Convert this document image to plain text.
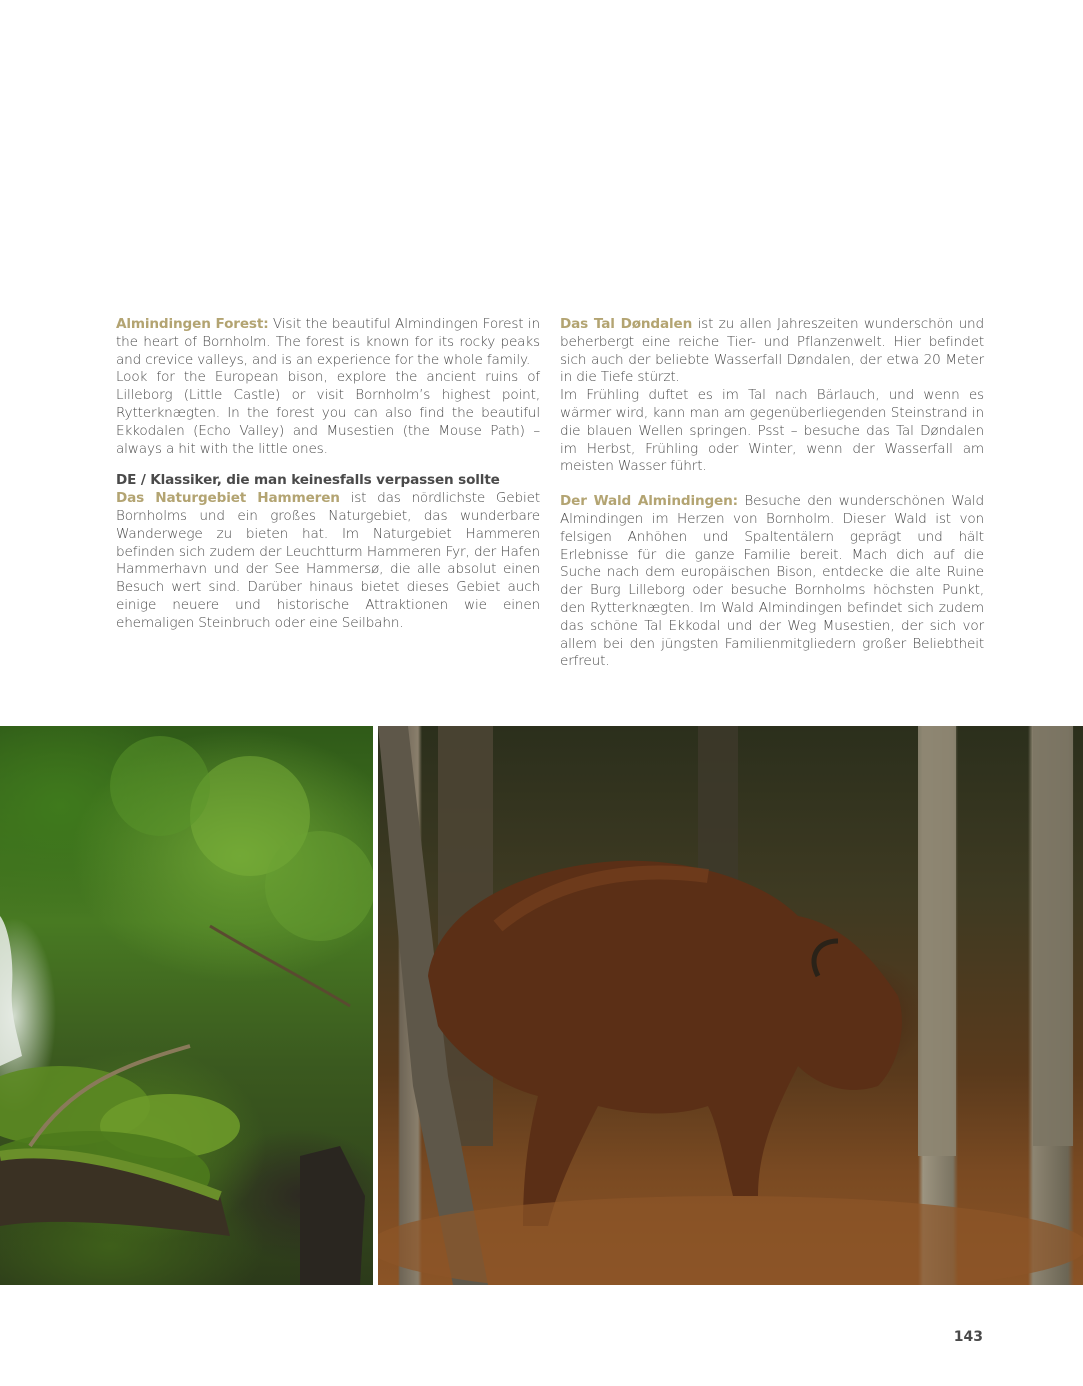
Almindingen Forest: Visit the beautiful Almindingen Forest in the heart of Bornholm. The forest is known for its rocky peaks and crevice valleys, and is an experience for the whole family.

Look for the European bison, explore the ancient ruins of Lilleborg (Little Castle) or visit Bornholm’s highest point, Rytterknægten. In the forest you can also find the beautiful Ekkodalen (Echo Valley) and Musestien (the Mouse Path) – always a hit with the little ones.

DE / Klassiker, die man keinesfalls verpassen sollte

Das Naturgebiet Hammeren ist das nördlichste Gebiet Bornholms und ein großes Naturgebiet, das wunderbare Wanderwege zu bieten hat. Im Naturgebiet Hammeren befinden sich zudem der Leuchtturm Hammeren Fyr, der Hafen Hammerhavn und der See Hammersø, die alle absolut einen Besuch wert sind. Darüber hinaus bietet dieses Gebiet auch einige neuere und historische Attraktionen wie einen ehemaligen Steinbruch oder eine Seilbahn.

Das Tal Døndalen ist zu allen Jahreszeiten wunderschön und beherbergt eine reiche Tier- und Pflanzenwelt. Hier befindet sich auch der beliebte Wasserfall Døndalen, der etwa 20 Meter in die Tiefe stürzt.

Im Frühling duftet es im Tal nach Bärlauch, und wenn es wärmer wird, kann man am gegenüberliegenden Steinstrand in die blauen Wellen springen. Psst – besuche das Tal Døndalen im Herbst, Frühling oder Winter, wenn der Wasserfall am meisten Wasser führt.

Der Wald Almindingen: Besuche den wunderschönen Wald Almindingen im Herzen von Bornholm. Dieser Wald ist von felsigen Anhöhen und Spaltentälern geprägt und hält Erlebnisse für die ganze Familie bereit. Mach dich auf die Suche nach dem europäischen Bison, entdecke die alte Ruine der Burg Lilleborg oder besuche Bornholms höchsten Punkt, den Rytterknægten. Im Wald Almindingen befindet sich zudem das schöne Tal Ekkodal und der Weg Musestien, der sich vor allem bei den jüngsten Familienmitgliedern großer Beliebtheit erfreut.

143
